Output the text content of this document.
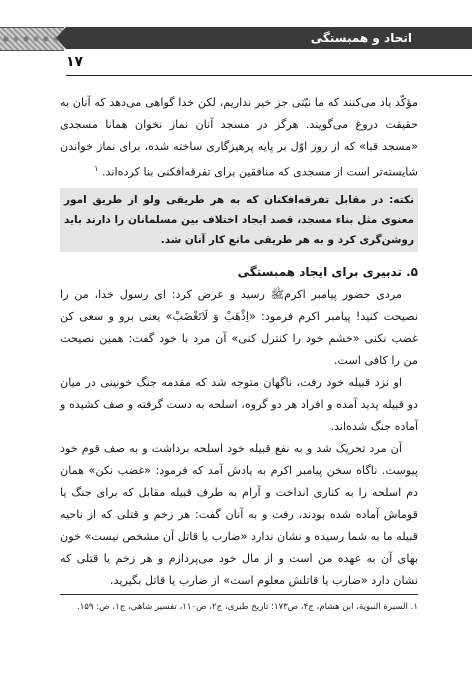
اتحاد و همبستگی
۱۷

مؤکّد یاد می‌کنند که ما نیّتی جز خیر نداریم، لکن خدا گواهی می‌دهد که آنان به حقیقت دروغ می‌گویند. هرگز در مسجد آنان نماز نخوان همانا مسجدی «مسجد قبا» که از روز اوّل بر پایه پرهیزگاری ساخته شده، برای نماز خواندن شایسته‌تر است از مسجدی که منافقین برای تفرقه‌افکنی بنا کرده‌اند. $^۱$

نکته: در مقابل تفرقه‌افکنان که به هر طریقی ولو از طریق امور معنوی مثل بناء مسجد، قصد ایجاد اختلاف بین مسلمانان را دارند باید روشن‌گری کرد و به هر طریقی مانع کار آنان شد.

۵. تدبیری برای ایجاد همبستگی

مردی حضور پیامبر اکرمﷺ رسید و عرض کرد: ای رسول خدا، من را نصیحت کنید! پیامبر اکرم فرمود: «اِذْهَبْ وَ لَاتَغْضَبْ» یعنی برو و سعی کن غضب نکنی «خشم خود را کنترل کنی» آن مرد با خود گفت: همین نصیحت من را کافی است.

او نزد قبیله خود رفت، ناگهان متوجه شد که مقدمه جنگ خونینی در میان دو قبیله پدید آمده و افراد هر دو گروه، اسلحه به دست گرفته و صف کشیده و آماده جنگ شده‌اند.

آن مرد تحریک شد و به نفع قبیله خود اسلحه برداشت و به صف قوم خود پیوست. ناگاه سخن پیامبر اکرم به یادش آمد که فرمود: «غضب نکن» همان دم اسلحه را به کناری انداخت و آرام به طرف قبیله مقابل که برای جنگ یا قوماش آماده شده بودند، رفت و به آنان گفت: هر زخم و قتلی که از ناحیه قبیله ما به شما رسیده و نشان ندارد «ضارب یا قاتل آن مشخص نیست» خون بهای آن به عهده من است و از مال خود می‌پردازم و هر زخم یا قتلی که نشان دارد «ضارب یا قاتلش معلوم است» از ضارب یا قاتل بگیرید.

۱. السیرة النبویة، ابن هشام، ج۴، ص۱۷۳؛ تاریخ طبری، ج۲، ص۱۱۰، تفسیر شاهی، ج۱، ص: ۱۵۹.
